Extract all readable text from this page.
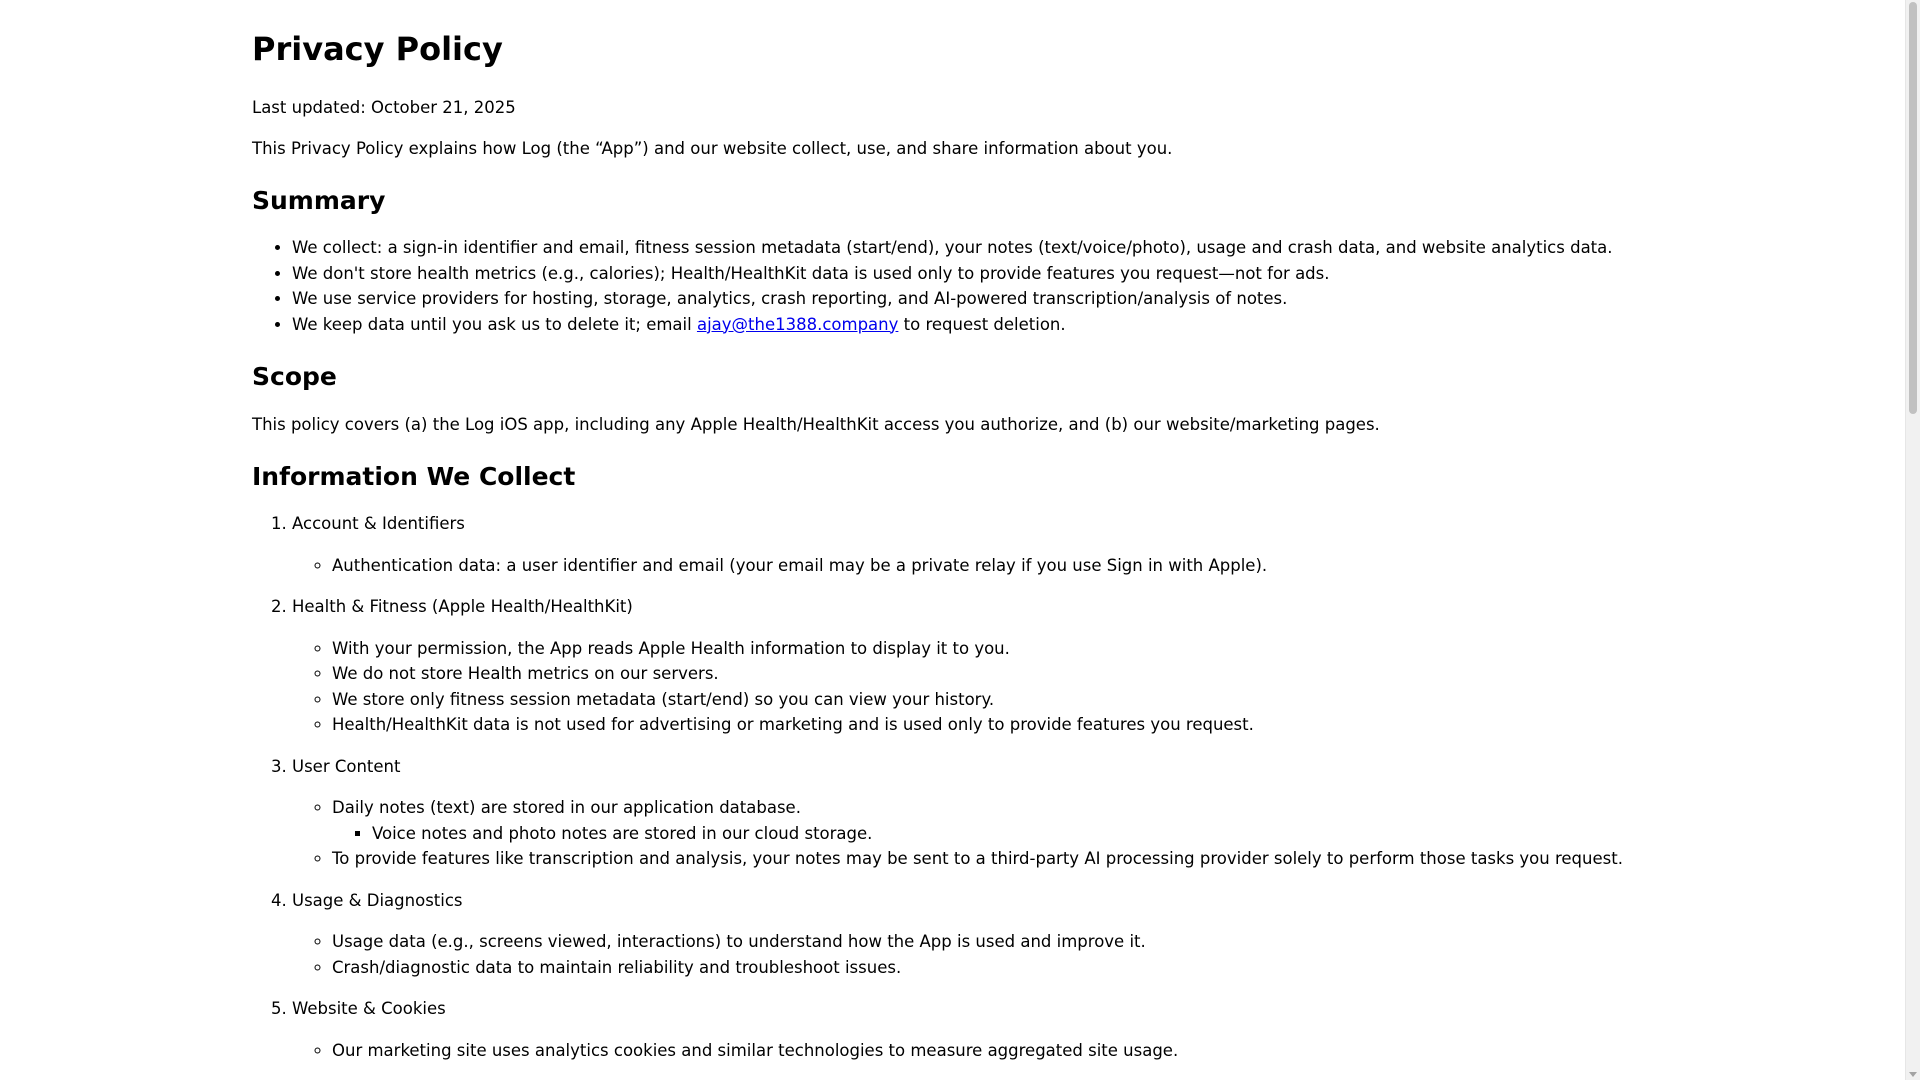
Privacy Policy

Last updated: October 21, 2025

This Privacy Policy explains how Log (the “App”) and our website collect, use, and share information about you.

Summary
• We collect: a sign-in identifier and email, fitness session metadata (start/end), your notes (text/voice/photo), usage and crash data, and website analytics data.
• We don't store health metrics (e.g., calories); Health/HealthKit data is used only to provide features you request—not for ads.
• We use service providers for hosting, storage, analytics, crash reporting, and AI-powered transcription/analysis of notes.
• We keep data until you ask us to delete it; email ajay@the1388.company to request deletion.
Scope

This policy covers (a) the Log iOS app, including any Apple Health/HealthKit access you authorize, and (b) our website/marketing pages.

Information We Collect
1. Account & Identifiers
◦ Authentication data: a user identifier and email (your email may be a private relay if you use Sign in with Apple).
2. Health & Fitness (Apple Health/HealthKit)
◦ With your permission, the App reads Apple Health information to display it to you.
◦ We do not store Health metrics on our servers.
◦ We store only fitness session metadata (start/end) so you can view your history.
◦ Health/HealthKit data is not used for advertising or marketing and is used only to provide features you request.
3. User Content
◦ Daily notes (text) are stored in our application database.
▪ Voice notes and photo notes are stored in our cloud storage.
◦ To provide features like transcription and analysis, your notes may be sent to a third-party AI processing provider solely to perform those tasks you request.
4. Usage & Diagnostics
◦ Usage data (e.g., screens viewed, interactions) to understand how the App is used and improve it.
◦ Crash/diagnostic data to maintain reliability and troubleshoot issues.
5. Website & Cookies
◦ Our marketing site uses analytics cookies and similar technologies to measure aggregated site usage.
